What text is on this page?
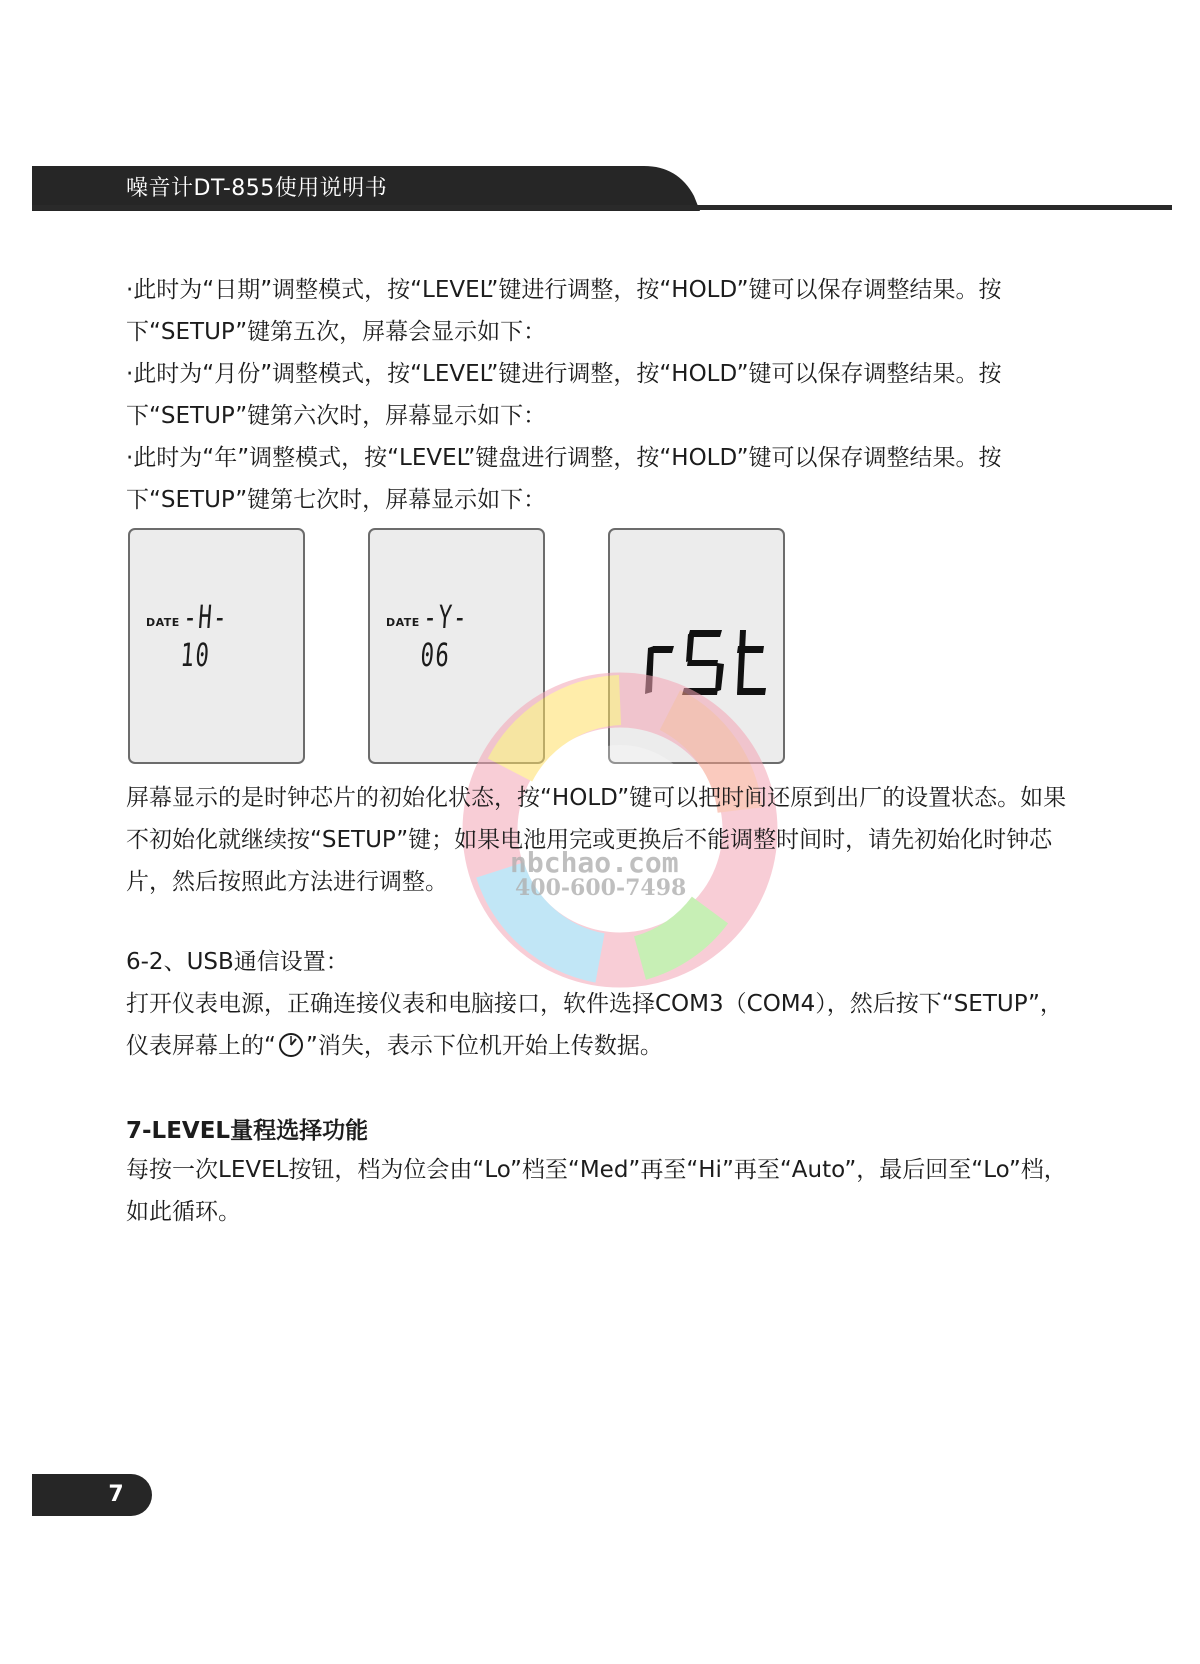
噪音计DT-855使用说明书

·此时为“日期”调整模式，按“LEVEL”键进行调整，按“HOLD”键可以保存调整结果。按下“SETUP”键第五次，屏幕会显示如下：

·此时为“月份”调整模式，按“LEVEL”键进行调整，按“HOLD”键可以保存调整结果。按下“SETUP”键第六次时，屏幕显示如下：

·此时为“年”调整模式，按“LEVEL”键盘进行调整，按“HOLD”键可以保存调整结果。按下“SETUP”键第七次时，屏幕显示如下：

DATE -H- 10
DATE -Y- 06
nbchao.com
400-600-7498

屏幕显示的是时钟芯片的初始化状态，按“HOLD”键可以把时间还原到出厂的设置状态。如果不初始化就继续按“SETUP”键；如果电池用完或更换后不能调整时间时，请先初始化时钟芯片，然后按照此方法进行调整。

6-2、USB通信设置：

打开仪表电源，正确连接仪表和电脑接口，软件选择COM3（COM4），然后按下“SETUP”，

仪表屏幕上的“ ”消失，表示下位机开始上传数据。

7-LEVEL量程选择功能

每按一次LEVEL按钮，档为位会由“Lo”档至“Med”再至“Hi”再至“Auto”，最后回至“Lo”档，如此循环。

7
